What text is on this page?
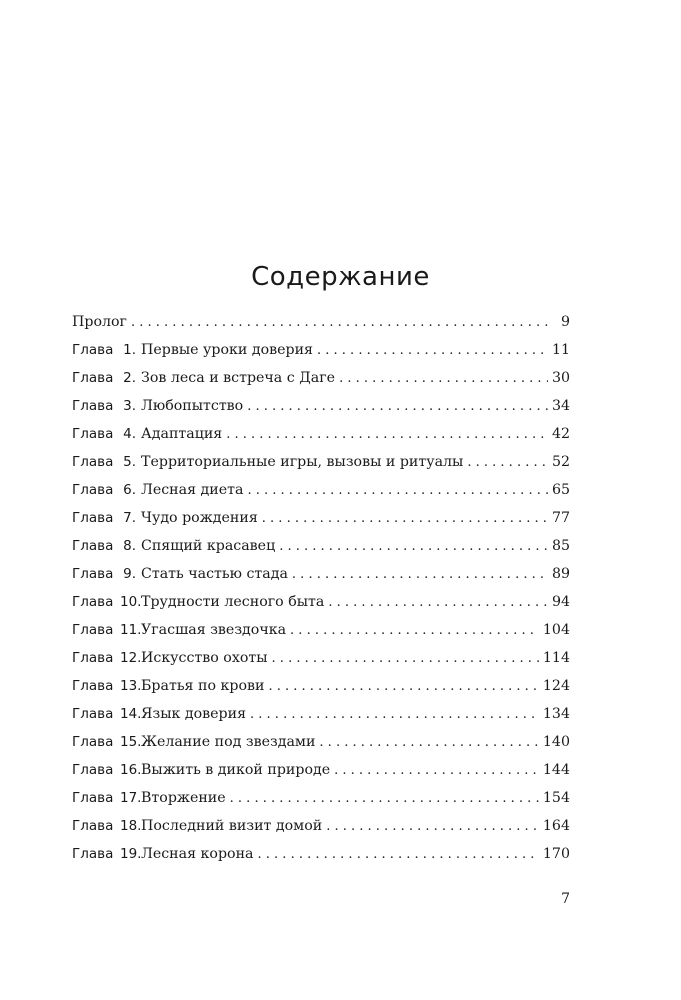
Содержание
Пролог . . .	9
Глава 1. Первые уроки доверия . . .	11
Глава 2. Зов леса и встреча с Даге . . .	30
Глава 3. Любопытство . . .	34
Глава 4. Адаптация . . .	42
Глава 5. Территориальные игры, вызовы и ритуалы . . .	52
Глава 6. Лесная диета . . .	65
Глава 7. Чудо рождения . . .	77
Глава 8. Спящий красавец . . .	85
Глава 9. Стать частью стада . . .	89
Глава 10. Трудности лесного быта . . .	94
Глава 11. Угасшая звездочка . . .	104
Глава 12. Искусство охоты . . .	114
Глава 13. Братья по крови . . .	124
Глава 14. Язык доверия . . .	134
Глава 15. Желание под звездами . . .	140
Глава 16. Выжить в дикой природе . . .	144
Глава 17. Вторжение . . .	154
Глава 18. Последний визит домой . . .	164
Глава 19. Лесная корона . . .	170
7
